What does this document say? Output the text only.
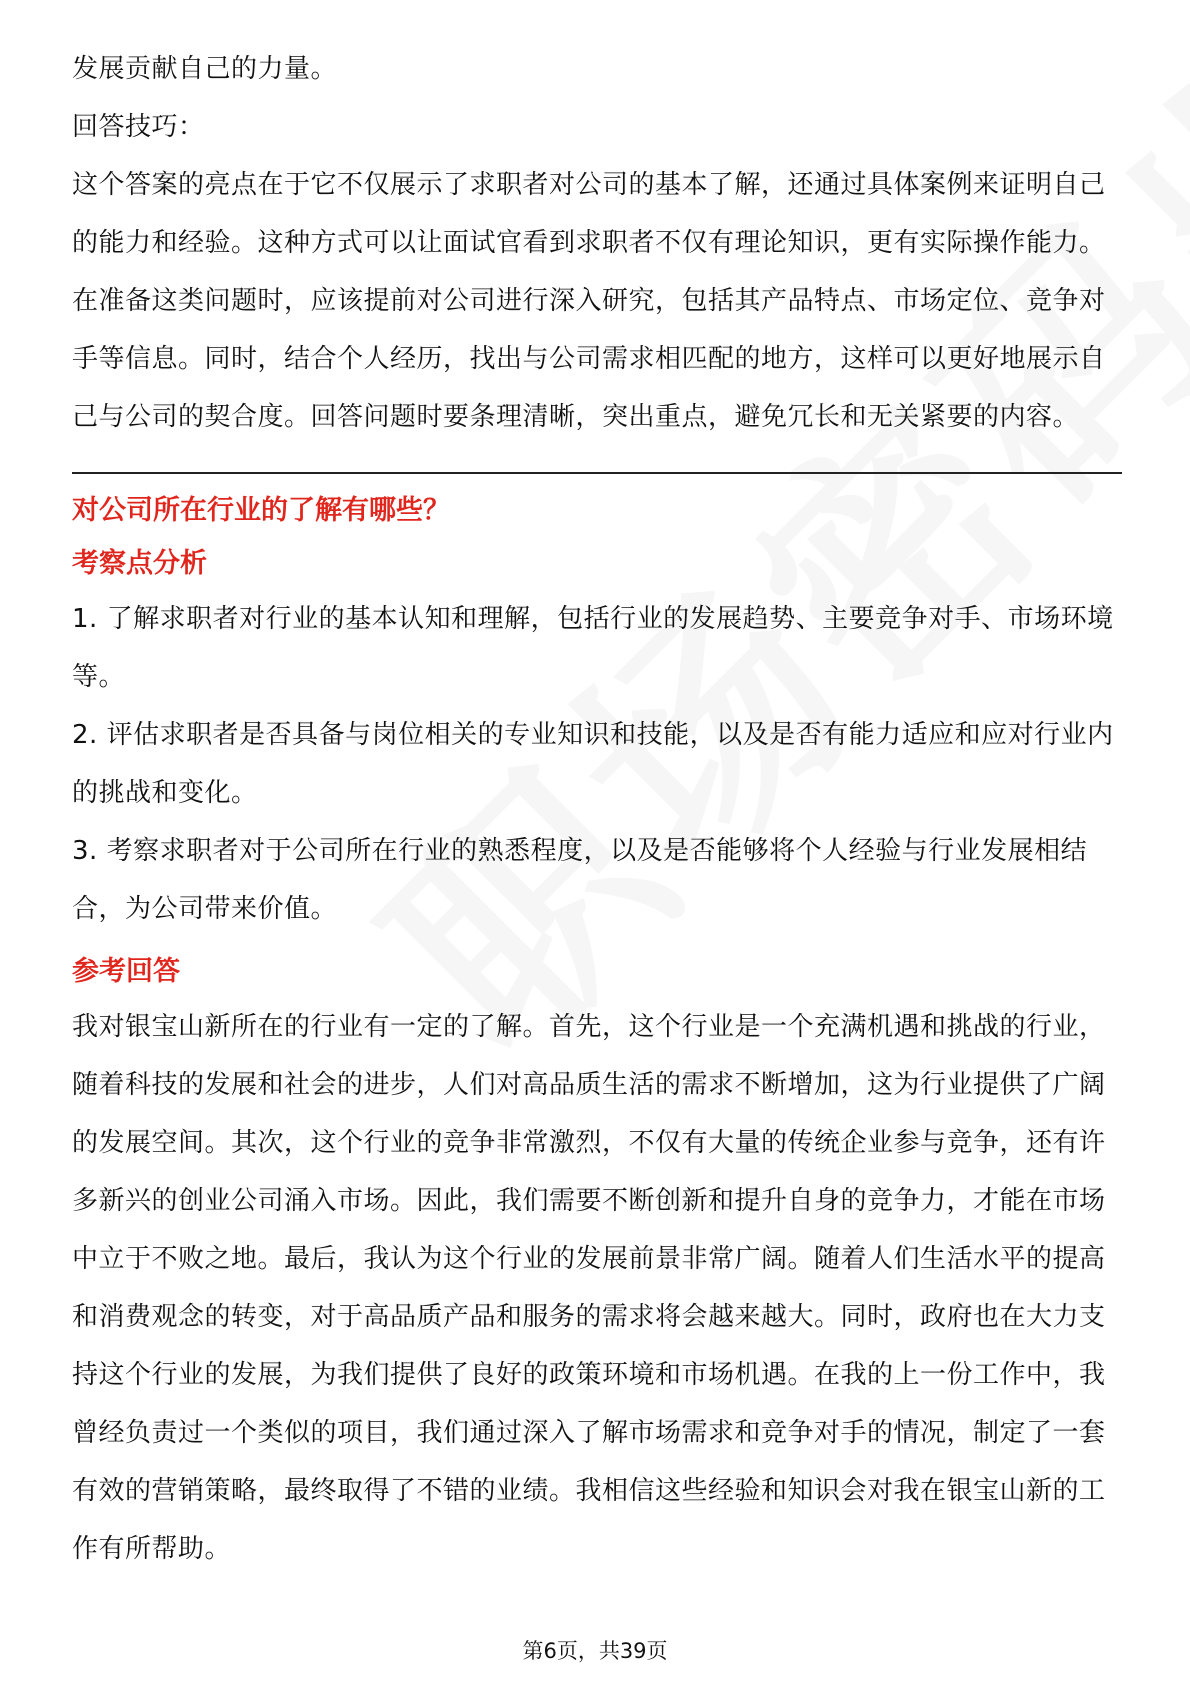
发展贡献自己的力量。

回答技巧：

这个答案的亮点在于它不仅展示了求职者对公司的基本了解，还通过具体案例来证明自己的能力和经验。这种方式可以让面试官看到求职者不仅有理论知识，更有实际操作能力。在准备这类问题时，应该提前对公司进行深入研究，包括其产品特点、市场定位、竞争对手等信息。同时，结合个人经历，找出与公司需求相匹配的地方，这样可以更好地展示自己与公司的契合度。回答问题时要条理清晰，突出重点，避免冗长和无关紧要的内容。

对公司所在行业的了解有哪些？

考察点分析

1. 了解求职者对行业的基本认知和理解，包括行业的发展趋势、主要竞争对手、市场环境等。

2. 评估求职者是否具备与岗位相关的专业知识和技能，以及是否有能力适应和应对行业内的挑战和变化。

3. 考察求职者对于公司所在行业的熟悉程度，以及是否能够将个人经验与行业发展相结合，为公司带来价值。

参考回答

我对银宝山新所在的行业有一定的了解。首先，这个行业是一个充满机遇和挑战的行业，随着科技的发展和社会的进步，人们对高品质生活的需求不断增加，这为行业提供了广阔的发展空间。其次，这个行业的竞争非常激烈，不仅有大量的传统企业参与竞争，还有许多新兴的创业公司涌入市场。因此，我们需要不断创新和提升自身的竞争力，才能在市场中立于不败之地。最后，我认为这个行业的发展前景非常广阔。随着人们生活水平的提高和消费观念的转变，对于高品质产品和服务的需求将会越来越大。同时，政府也在大力支持这个行业的发展，为我们提供了良好的政策环境和市场机遇。在我的上一份工作中，我曾经负责过一个类似的项目，我们通过深入了解市场需求和竞争对手的情况，制定了一套有效的营销策略，最终取得了不错的业绩。我相信这些经验和知识会对我在银宝山新的工作有所帮助。

第6页，共39页
